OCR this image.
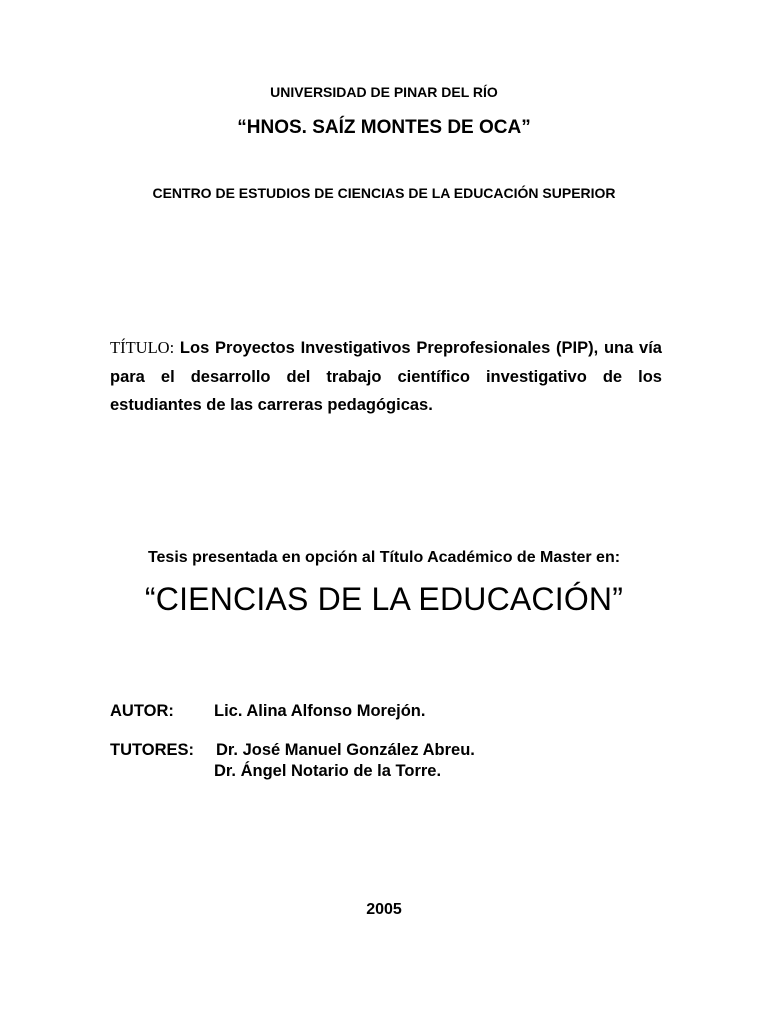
UNIVERSIDAD DE PINAR DEL RÍO
“HNOS. SAÍZ MONTES DE OCA”
CENTRO DE ESTUDIOS DE CIENCIAS DE LA EDUCACIÓN SUPERIOR
TÍTULO: Los Proyectos Investigativos Preprofesionales (PIP), una vía para el desarrollo del trabajo científico investigativo de los estudiantes de las carreras pedagógicas.
Tesis presentada en opción al Título Académico de Master en:
“CIENCIAS DE LA EDUCACIÓN”
AUTOR: Lic. Alina Alfonso Morejón.
TUTORES: Dr. José Manuel González Abreu.
Dr. Ángel Notario de la Torre.
2005
